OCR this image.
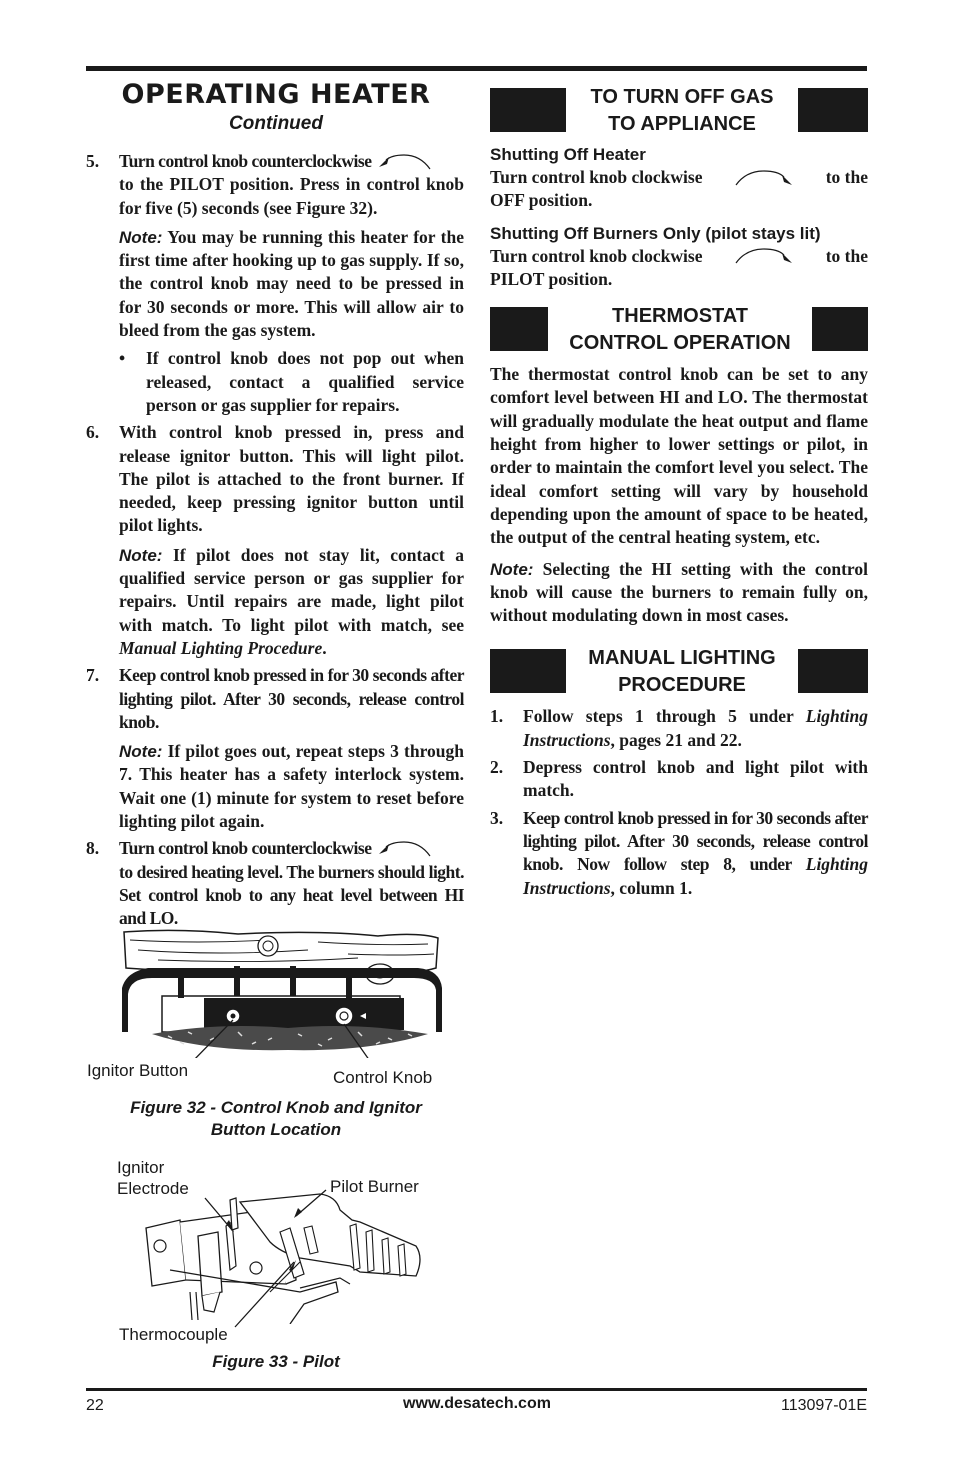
OPERATING HEATER
Continued
5.	Turn control knob counterclockwise
to the PILOT position. Press in control knob for five (5) seconds (see Figure 32).
Note: You may be running this heater for the first time after hooking up to gas supply. If so, the control knob may need to be pressed in for 30 seconds or more. This will allow air to bleed from the gas system.
•	If control knob does not pop out when released, contact a qualified service person or gas supplier for repairs.
6.	With control knob pressed in, press and release ignitor button. This will light pilot. The pilot is attached to the front burner. If needed, keep pressing ignitor button until pilot lights.
Note: If pilot does not stay lit, contact a qualified service person or gas supplier for repairs. Until repairs are made, light pilot with match. To light pilot with match, see Manual Lighting Procedure.
7.	Keep control knob pressed in for 30 seconds after lighting pilot. After 30 seconds, release control knob.
Note: If pilot goes out, repeat steps 3 through 7. This heater has a safety interlock system. Wait one (1) minute for system to reset before lighting pilot again.
8.	Turn control knob counterclockwise
to desired heating level. The burners should light. Set control knob to any heat level between HI and LO.
Ignitor Button	Control Knob
Figure 32 - Control Knob and Ignitor
Button Location
Ignitor
Electrode	Pilot Burner
Thermocouple
Figure 33 - Pilot
TO TURN OFF GAS
TO APPLIANCE
Shutting Off Heater
Turn control knob clockwise	to the
OFF position.
Shutting Off Burners Only (pilot stays lit)
Turn control knob clockwise	to the
PILOT position.
THERMOSTAT
CONTROL OPERATION
The thermostat control knob can be set to any comfort level between HI and LO. The thermostat will gradually modulate the heat output and flame height from higher to lower settings or pilot, in order to maintain the comfort level you select. The ideal comfort setting will vary by household depending upon the amount of space to be heated, the output of the central heating system, etc.
Note: Selecting the HI setting with the control knob will cause the burners to remain fully on, without modulating down in most cases.
MANUAL LIGHTING
PROCEDURE
1.	Follow steps 1 through 5 under Lighting Instructions, pages 21 and 22.
2.	Depress control knob and light pilot with match.
3.	Keep control knob pressed in for 30 seconds after lighting pilot. After 30 seconds, release control knob. Now follow step 8, under Lighting Instructions, column 1.
22	www.desatech.com	113097-01E
